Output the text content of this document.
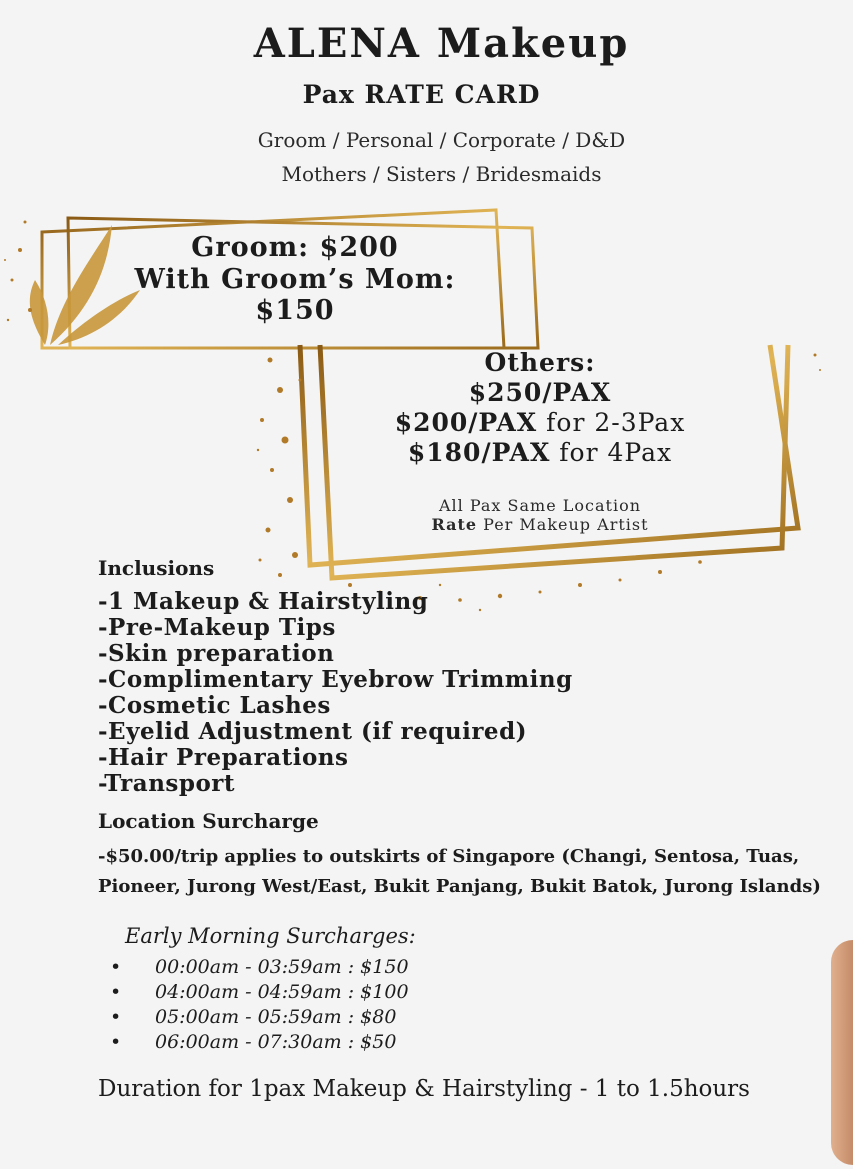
ALENA Makeup
Pax RATE CARD
Groom / Personal / Corporate / D&D
Mothers / Sisters / Bridesmaids
Groom: $200
With Groom’s Mom: $150
Others:
$250/PAX
$200/PAX for 2-3Pax
$180/PAX for 4Pax
All Pax Same Location
Rate Per Makeup Artist
Inclusions
-1 Makeup & Hairstyling
-Pre-Makeup Tips
-Skin preparation
-Complimentary Eyebrow Trimming
-Cosmetic Lashes
-Eyelid Adjustment (if required)
-Hair Preparations
-Transport
Location Surcharge
-$50.00/trip applies to outskirts of Singapore (Changi, Sentosa, Tuas,
Pioneer, Jurong West/East, Bukit Panjang, Bukit Batok, Jurong Islands)
Early Morning Surcharges:
• 00:00am - 03:59am : $150
• 04:00am - 04:59am : $100
• 05:00am - 05:59am : $80
• 06:00am - 07:30am : $50
Duration for 1pax Makeup & Hairstyling - 1 to 1.5hours
